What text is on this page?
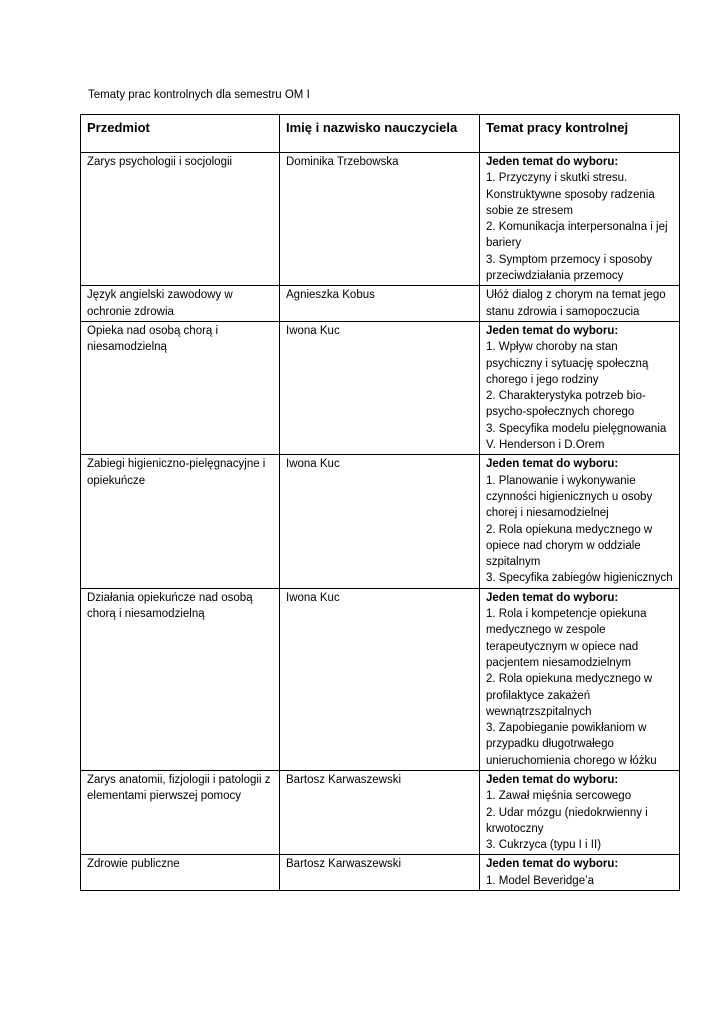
Tematy prac kontrolnych dla semestru OM I
Przedmiot	Imię i nazwisko nauczyciela	Temat pracy kontrolnej
Zarys psychologii i socjologii	Dominika Trzebowska	Jeden temat do wyboru:
1. Przyczyny i skutki stresu. Konstruktywne sposoby radzenia sobie ze stresem
2. Komunikacja interpersonalna i jej bariery
3. Symptom przemocy i sposoby przeciwdziałania przemocy

Język angielski zawodowy w ochronie zdrowia	Agnieszka Kobus	Ułóż dialog z chorym na temat jego stanu zdrowia i samopoczucia

Opieka nad osobą chorą i niesamodzielną	Iwona Kuc	Jeden temat do wyboru:
1. Wpływ choroby na stan psychiczny i sytuację społeczną chorego i jego rodziny
2. Charakterystyka potrzeb bio-psycho-społecznych chorego
3. Specyfika modelu pielęgnowania V. Henderson i D.Orem

Zabiegi higieniczno-pielęgnacyjne i opiekuńcze	Iwona Kuc	Jeden temat do wyboru:
1. Planowanie i wykonywanie czynności higienicznych u osoby chorej i niesamodzielnej
2. Rola opiekuna medycznego w opiece nad chorym w oddziale szpitalnym
3. Specyfika zabiegów higienicznych

Działania opiekuńcze nad osobą chorą i niesamodzielną	Iwona Kuc	Jeden temat do wyboru:
1. Rola i kompetencje opiekuna medycznego w zespole terapeutycznym w opiece nad pacjentem niesamodzielnym
2. Rola opiekuna medycznego w profilaktyce zakażeń wewnątrzszpitalnych
3. Zapobieganie powikłaniom w przypadku długotrwałego unieruchomienia chorego w łóżku

Zarys anatomii, fizjologii i patologii z elementami pierwszej pomocy	Bartosz Karwaszewski	Jeden temat do wyboru:
1. Zawał mięśnia sercowego
2. Udar mózgu (niedokrwienny i krwotoczny
3. Cukrzyca (typu I i II)

Zdrowie publiczne	Bartosz Karwaszewski	Jeden temat do wyboru:
1. Model Beveridge’a
